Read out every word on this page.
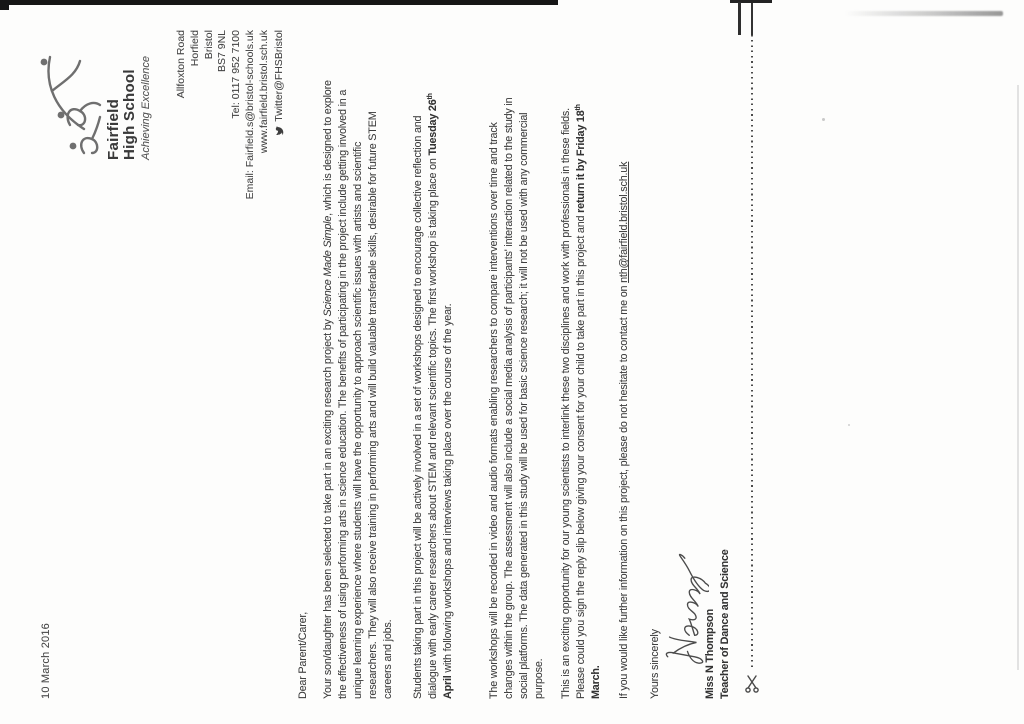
10 March 2016
Fairfield High School Achieving Excellence Allfoxton Road Horfield Bristol BS7 9NL Tel: 0117 952 7100 Email: Fairfield.s@bristol-schools.uk www.fairfield.bristol.sch.uk Twitter@FHSBristol
Dear Parent/Carer, Your son/daughter has been selected to take part in an exciting research project by Science Made Simple, which is designed to explore the effectiveness of using performing arts in science education. The benefits of participating in the project include getting involved in a unique learning experience where students will have the opportunity to approach scientific issues with artists and scientific researchers. They will also receive training in performing arts and will build valuable transferable skills, desirable for future STEM careers and jobs. Students taking part in this project will be actively involved in a set of workshops designed to encourage collective reflection and dialogue with early career researchers about STEM and relevant scientific topics. The first workshop is taking place on Tuesday 26th
April with following workshops and interviews taking place over the course of the year.	The workshops will be recorded in video and audio formats enabling researchers to compare interventions over time and track changes within the group. The assessment will also include a social media analysis of participants' interaction related to the study in social platforms. The data generated in this study will be used for basic science research; it will not be used with any commercial purpose. This is an exciting opportunity for our young scientists to interlink these two disciplines and work with professionals in these fields. Please could you sign the reply slip below giving your consent for your child to take part in this project and return it by Friday 18th
March. If you would like further information on this project, please do not hesitate to contact me on nth@fairfield.bristol.sch.uk
Yours sincerely	Miss N Thompson Teacher of Dance and Science
